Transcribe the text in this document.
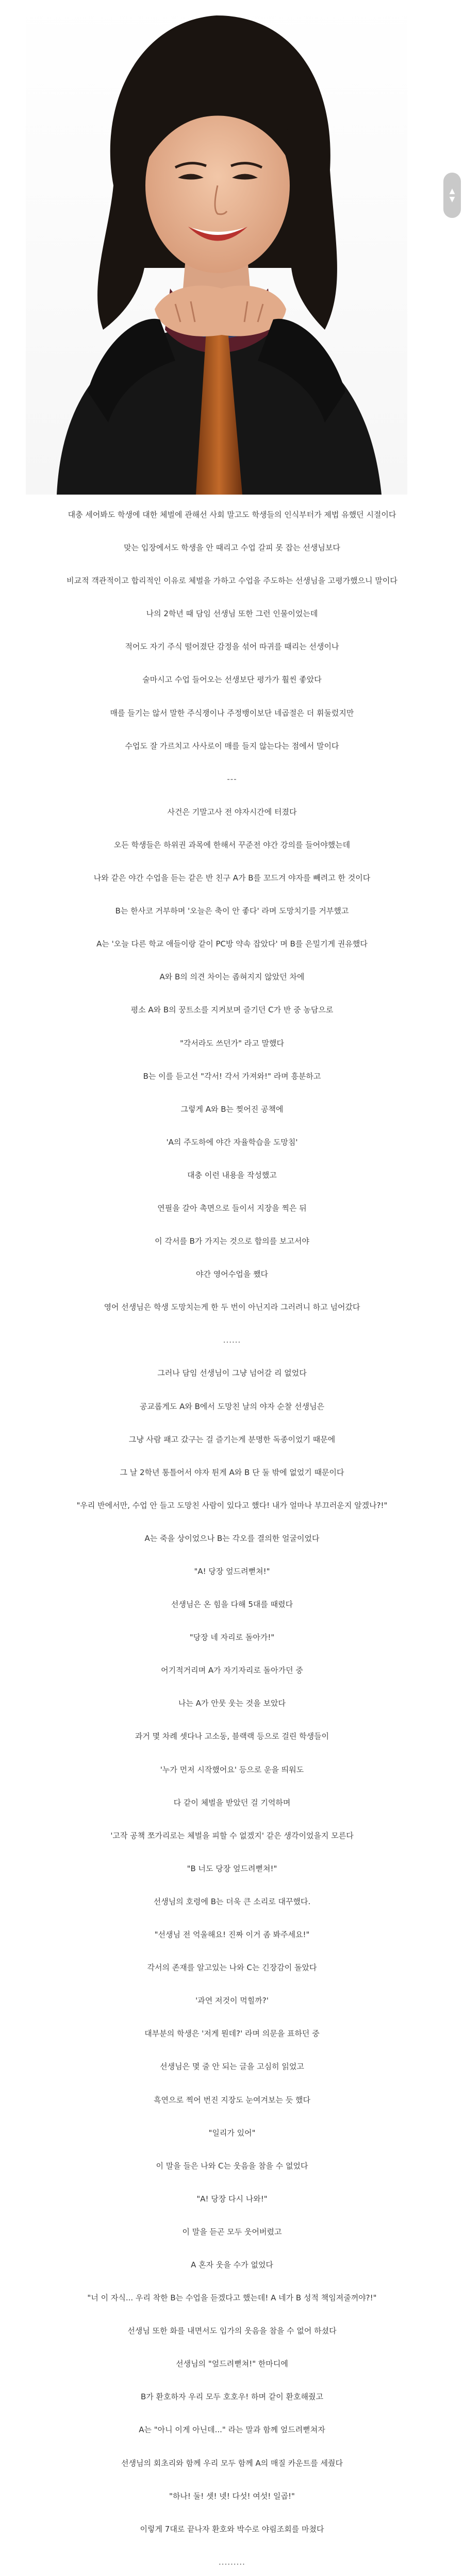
▲
▼

대충 세어봐도 학생에 대한 체벌에 관해선 사회 말고도 학생들의 인식부터가 제법 유했던 시절이다

맞는 입장에서도 학생을 안 때리고 수업 갈피 못 잡는 선생님보다

비교적 객관적이고 합리적인 이유로 체벌을 가하고 수업을 주도하는 선생님을 고평가했으니 말이다

나의 2학년 때 담임 선생님 또한 그런 인물이었는데

적어도 자기 주식 떨어졌단 감정을 섞어 따귀를 때리는 선생이나

술마시고 수업 들어오는 선생보단 평가가 훨씬 좋았다

매를 들기는 않서 말한 주식쟁이나 주정뱅이보단 네곱절은 더 휘둘렀지만

수업도 잘 가르치고 사사로이 매를 들지 않는다는 점에서 말이다

---

사건은 기말고사 전 야자시간에 터졌다

오든 학생들은 하위권 과목에 한해서 꾸준전 야간 강의를 들어야했는데

나와 같은 야간 수업을 듣는 같은 반 친구 A가 B를 꼬드겨 야자를 빼려고 한 것이다

B는 한사코 거부하며 '오늘은 축이 안 좋다' 라며 도망치기를 거부했고

A는 '오늘 다른 학교 애들이랑 같이 PC방 약속 잡았다' 며 B를 은밀기게 권유했다

A와 B의 의견 차이는 좁혀지지 않았던 차에

평소 A와 B의 꿍트소를 지켜보며 즐기던 C가 반 중 농담으로

"각서라도 쓰던가" 라고 말했다

B는 이를 듣고선 "각서! 각서 가져와!" 라며 흥분하고

그렇게 A와 B는 찢어진 공책에

'A의 주도하에 야간 자율학습을 도망침'

대충 이런 내용을 작성했고

연필을 갈아 촉면으로 들이서 지장을 찍은 뒤

이 각서를 B가 가지는 것으로 합의를 보고서야

야간 영어수업을 쨌다

영어 선생님은 학생 도망치는게 한 두 번이 아닌지라 그러려니 하고 넘어갔다

......

그러나 담임 선생님이 그냥 넘어갈 리 없었다

공교롭게도 A와 B에서 도망친 날의 야자 순찰 선생님은

그냥 사람 패고 갔구는 걸 즐기는게 분명한 독종이었기 때문에

그 날 2학년 통틀어서 야자 튄게 A와 B 단 둘 밖에 없었기 때문이다

"우리 반에서만, 수업 안 들고 도망친 사람이 있다고 했다! 내가 얼마나 부끄러운지 알겠나?!"

A는 죽을 상이었으나 B는 각오를 결의한 얼굴이었다

"A! 당장 엎드려뻗쳐!"

선생님은 온 힘을 다해 5대를 때렸다

"당장 네 자리로 돌아가!"

어기적거리며 A가 자기자리로 돌아가던 중

나는 A가 안뭇 웃는 것을 보았다

과거 몇 차례 셋다나 고소동, 블랙랙 등으로 걸린 학생들이

'누가 먼저 시작했어요' 등으로 운을 띄워도

다 같이 체벌을 받았던 걸 기억하며

'고작 공책 쪼가리로는 체벌을 피할 수 없겠지' 같은 생각이었을지 모른다

"B 너도 당장 엎드려뻗쳐!"

선생님의 호령에 B는 더욱 큰 소리로 대꾸했다.

"선생님 전 억울해요! 진짜 이거 좀 봐주세요!"

각서의 존재를 알고있는 나와 C는 긴장감이 돌았다

'과연 저것이 먹힐까?'

대부분의 학생은 '저게 뭔데?' 라며 의문을 표하던 중

선생님은 몇 줄 안 되는 글을 고심히 읽었고

흑연으로 찍어 번진 지장도 눈여겨보는 듯 했다

"일리가 있어"

이 말을 들은 나와 C는 웃음을 참을 수 없었다

"A! 당장 다시 나와!"

이 말을 듣곤 모두 웃어버렸고

A 혼자 웃을 수가 없었다

"너 이 자식... 우리 착한 B는 수업을 듣겠다고 했는데! A 네가 B 성적 책임져줄꺼야?!"

선생님 또한 화를 내면서도 입가의 웃음을 참을 수 없어 하셨다

선생님의 "엎드려뻗쳐!" 한마디에

B가 환호하자 우리 모두 호호우! 하며 같이 환호해줬고

A는 "아니 이게 아닌데..." 라는 말과 함께 엎드려뻗쳐자

선생님의 회초리와 함께 우리 모두 함께 A의 매질 카운트를 세줬다

"하나! 둘! 셋! 넷! 다섯! 여섯! 일곱!"

이렇게 7대로 끝나자 환호와 박수로 야림조회를 마쳤다

.........
